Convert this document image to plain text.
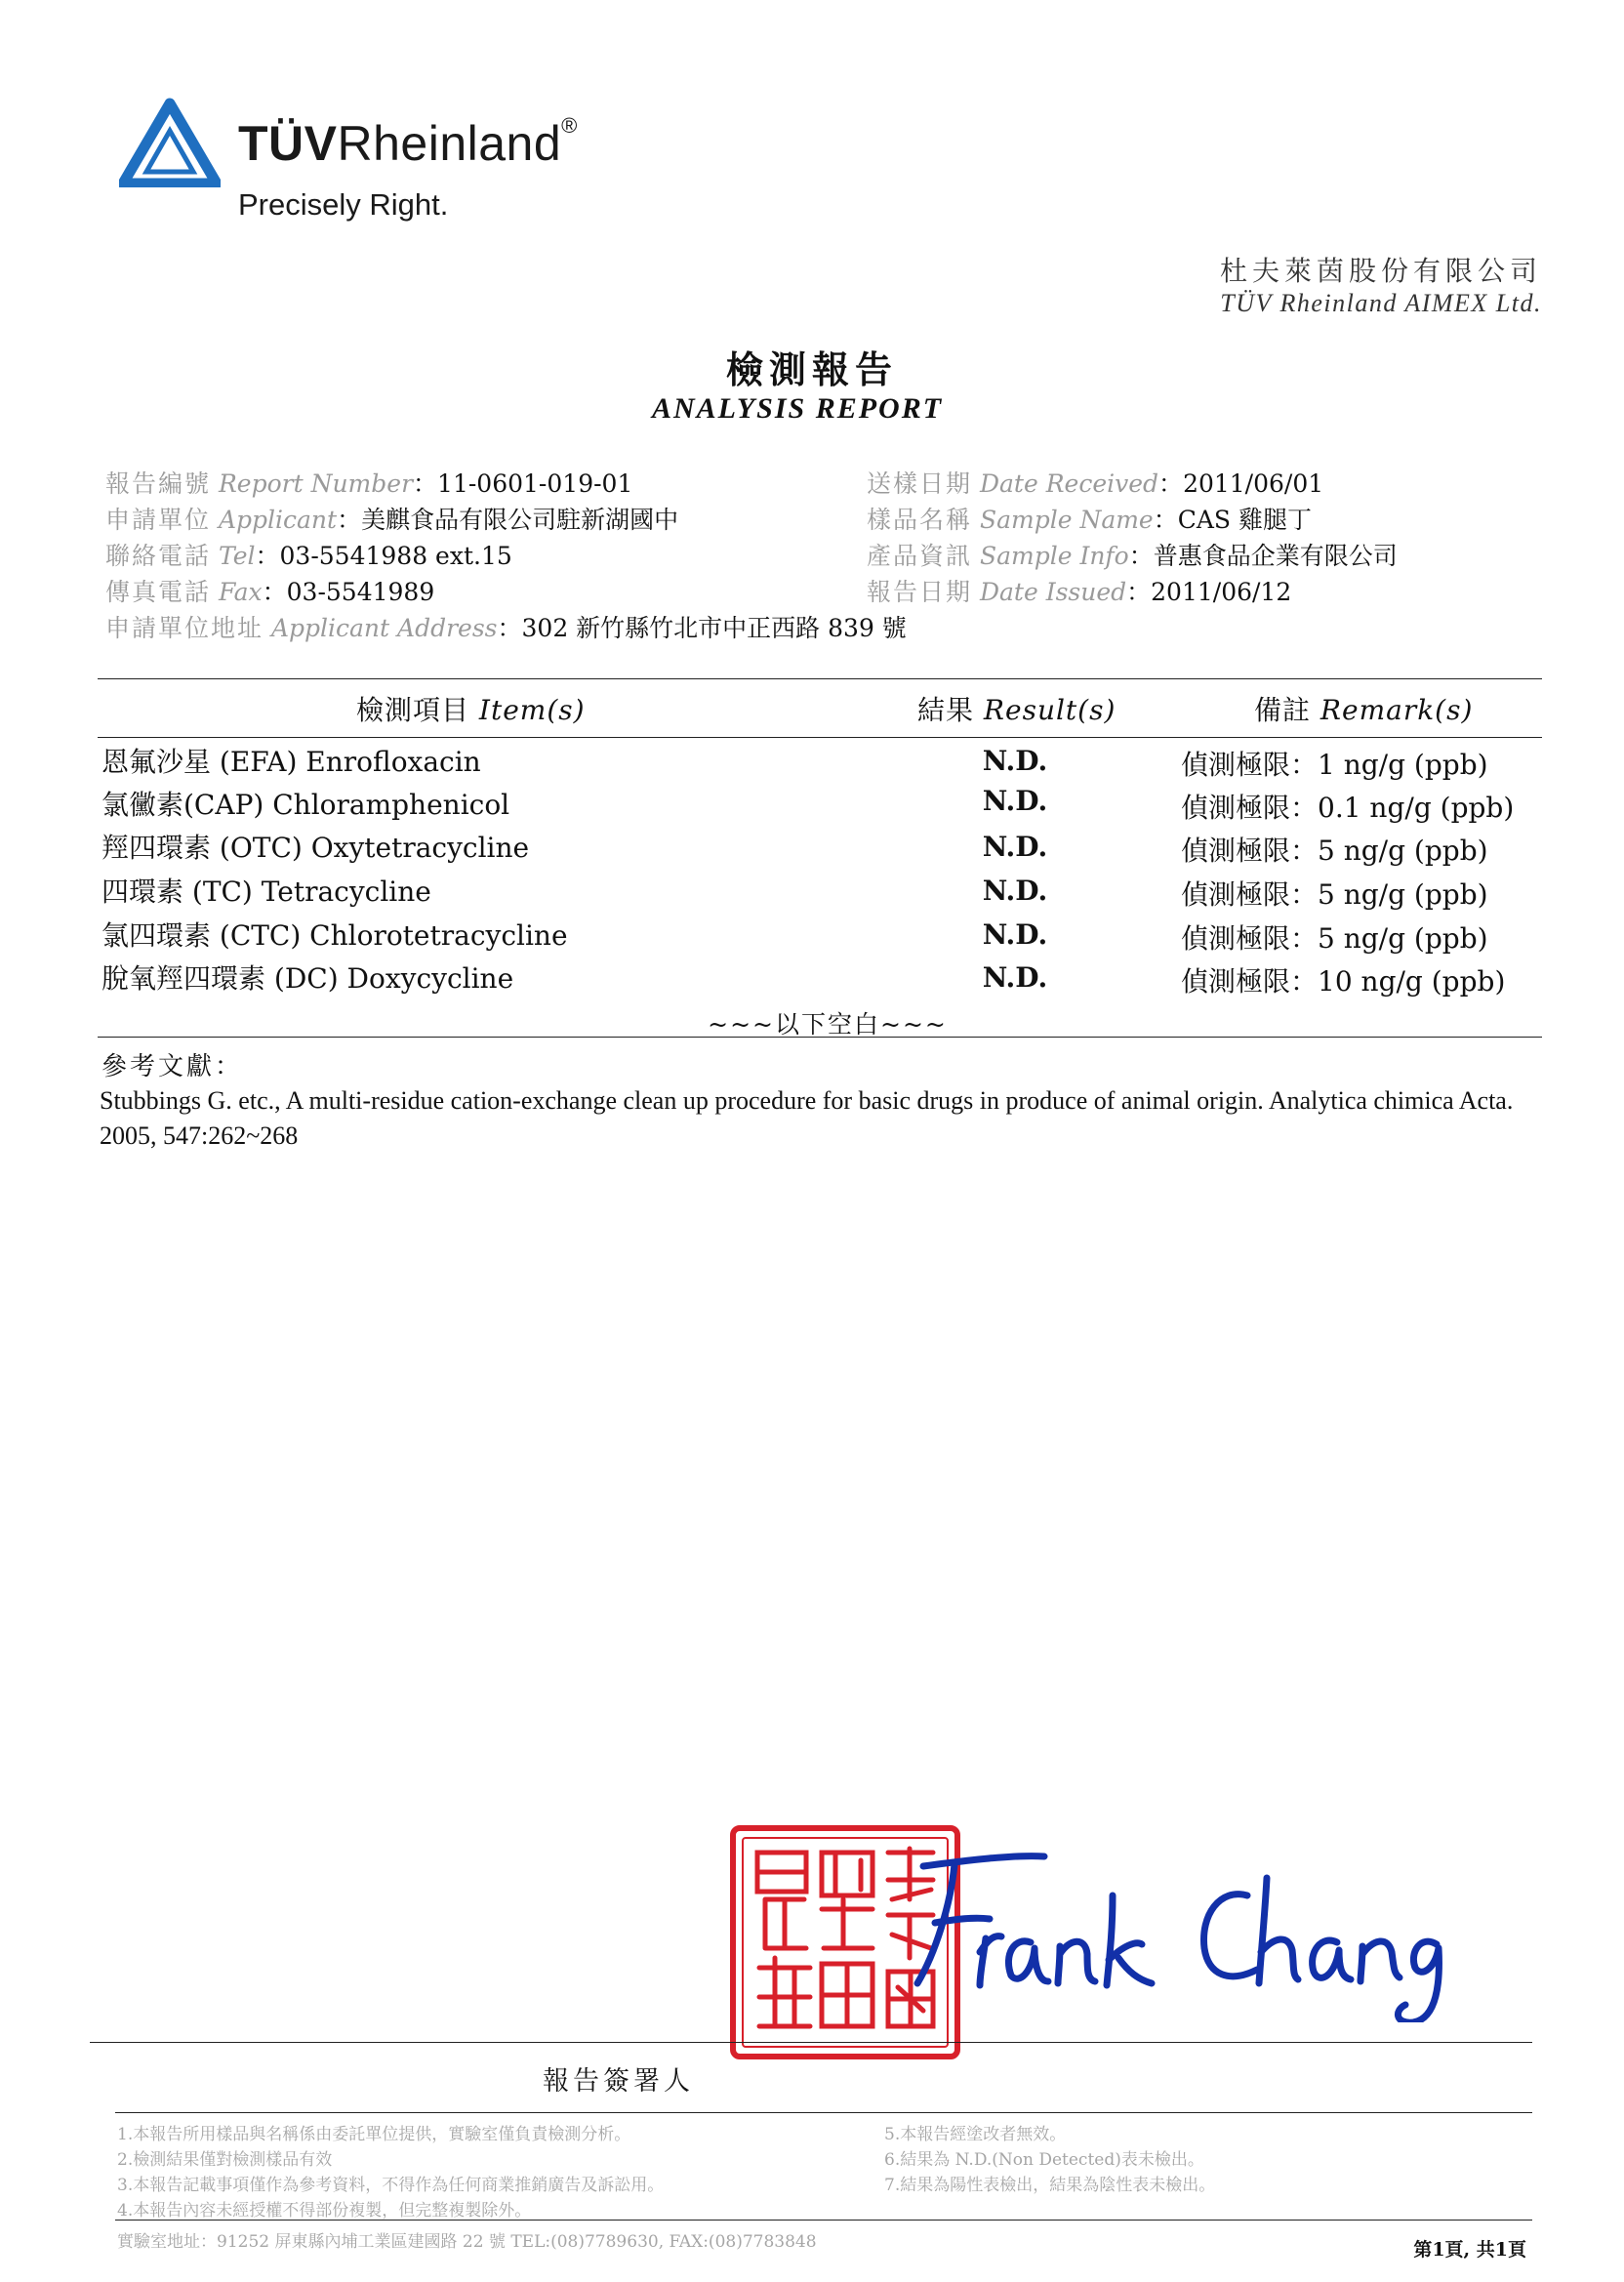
TÜVRheinland®
Precisely Right.
杜夫萊茵股份有限公司
TÜV Rheinland AIMEX Ltd.
檢測報告
ANALYSIS REPORT
報告編號 Report Number：11-0601-019-01
申請單位 Applicant：美麒食品有限公司駐新湖國中
聯絡電話 Tel：03-5541988 ext.15
傳真電話 Fax：03-5541989
申請單位地址 Applicant Address：302 新竹縣竹北市中正西路 839 號
送樣日期 Date Received：2011/06/01
樣品名稱 Sample Name：CAS 雞腿丁
產品資訊 Sample Info：普惠食品企業有限公司
報告日期 Date Issued：2011/06/12
檢測項目 Item(s)	結果 Result(s)	備註 Remark(s)
恩氟沙星 (EFA) Enrofloxacin	N.D.	偵測極限：1 ng/g (ppb)
氯黴素(CAP) Chloramphenicol	N.D.	偵測極限：0.1 ng/g (ppb)
羥四環素 (OTC) Oxytetracycline	N.D.	偵測極限：5 ng/g (ppb)
四環素 (TC) Tetracycline	N.D.	偵測極限：5 ng/g (ppb)
氯四環素 (CTC) Chlorotetracycline	N.D.	偵測極限：5 ng/g (ppb)
脫氧羥四環素 (DC) Doxycycline	N.D.	偵測極限：10 ng/g (ppb)
~~~以下空白~~~
參考文獻：
Stubbings G. etc., A multi-residue cation-exchange clean up procedure for basic drugs in produce of animal origin. Analytica chimica Acta. 2005, 547:262~268
報告簽署人
1.本報告所用樣品與名稱係由委託單位提供，實驗室僅負責檢測分析。
2.檢測結果僅對檢測樣品有效
3.本報告記載事項僅作為參考資料，不得作為任何商業推銷廣告及訴訟用。
4.本報告內容未經授權不得部份複製，但完整複製除外。
5.本報告經塗改者無效。
6.結果為 N.D.(Non Detected)表未檢出。
7.結果為陽性表檢出，結果為陰性表未檢出。
實驗室地址：91252 屏東縣內埔工業區建國路 22 號 TEL:(08)7789630, FAX:(08)7783848	第1頁, 共1頁
